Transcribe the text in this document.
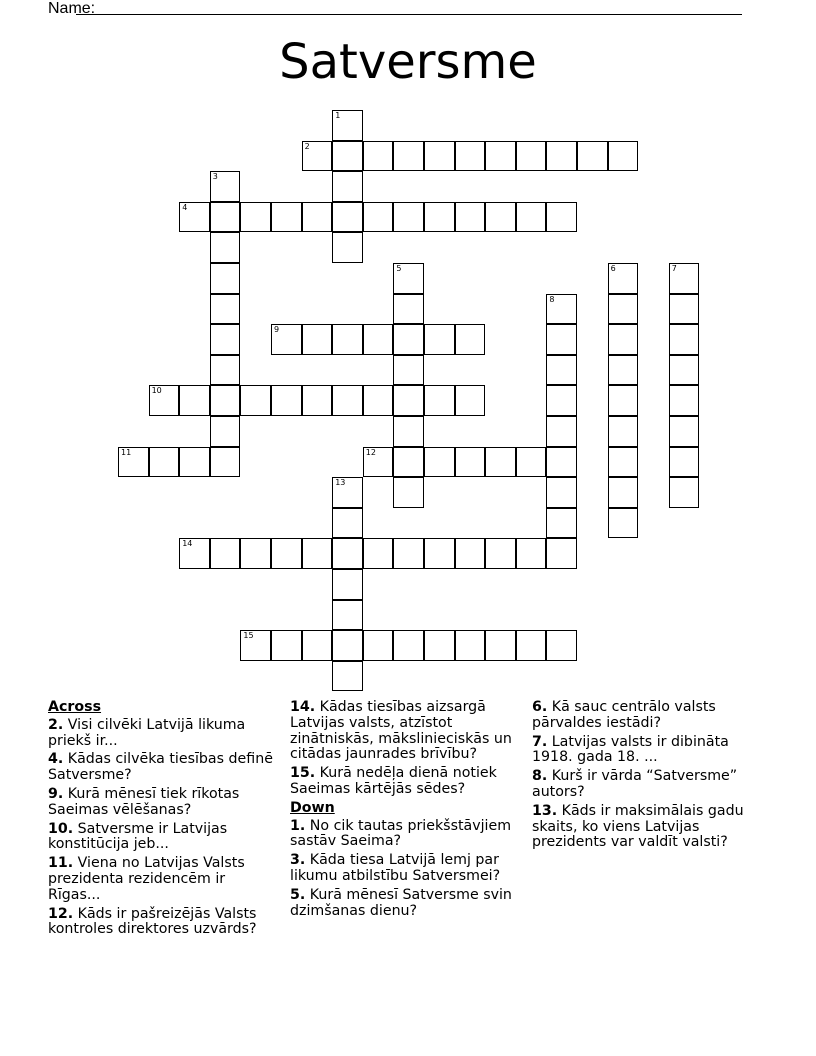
Name:
Satversme
1
2
3
4
5	6	7
8
9
10
11	12
13
14
15
Across
2. Visi cilvēki Latvijā likuma priekš ir...
4. Kādas cilvēka tiesības definē Satversme?
9. Kurā mēnesī tiek rīkotas Saeimas vēlēšanas?
10. Satversme ir Latvijas konstitūcija jeb...
11. Viena no Latvijas Valsts prezidenta rezidencēm ir Rīgas...
12. Kāds ir pašreizējās Valsts kontroles direktores uzvārds?
14. Kādas tiesības aizsargā Latvijas valsts, atzīstot zinātniskās, mākslinieciskās un citādas jaunrades brīvību?
15. Kurā nedēļa dienā notiek Saeimas kārtējās sēdes?
Down
1. No cik tautas priekšstāvjiem sastāv Saeima?
3. Kāda tiesa Latvijā lemj par likumu atbilstību Satversmei?
5. Kurā mēnesī Satversme svin dzimšanas dienu?
6. Kā sauc centrālo valsts pārvaldes iestādi?
7. Latvijas valsts ir dibināta 1918. gada 18. ...
8. Kurš ir vārda “Satversme” autors?
13. Kāds ir maksimālais gadu skaits, ko viens Latvijas prezidents var valdīt valsti?
